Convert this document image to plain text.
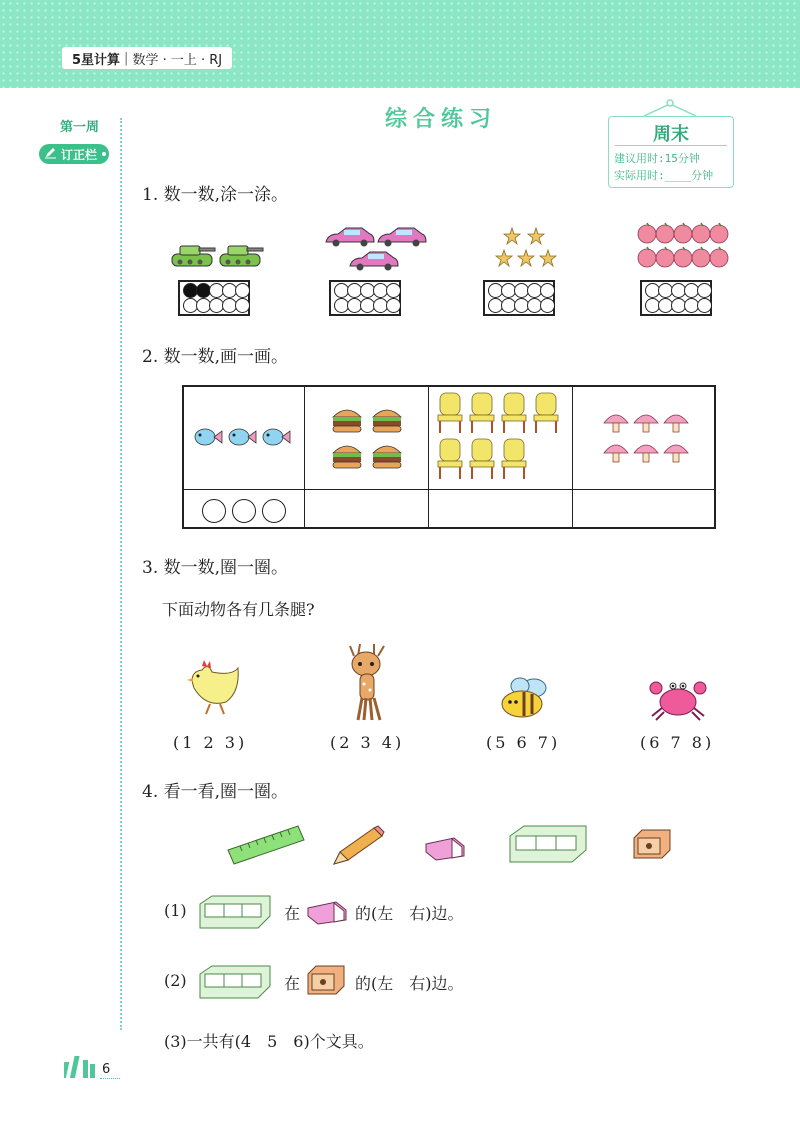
5星计算 | 数学 · 一上 · RJ
第一周
订正栏
综合练习
周末
建议用时:15分钟
实际用时:____分钟
1. 数一数,涂一涂。
2. 数一数,画一画。
3. 数一数,圈一圈。
下面动物各有几条腿?
(1 2 3)	(2 3 4)	(5 6 7)	(6 7 8)
4. 看一看,圈一圈。
(1)	在	的(左　右)边。
(2)	在	的(左　右)边。
(3)一共有(4　5　6)个文具。
6
